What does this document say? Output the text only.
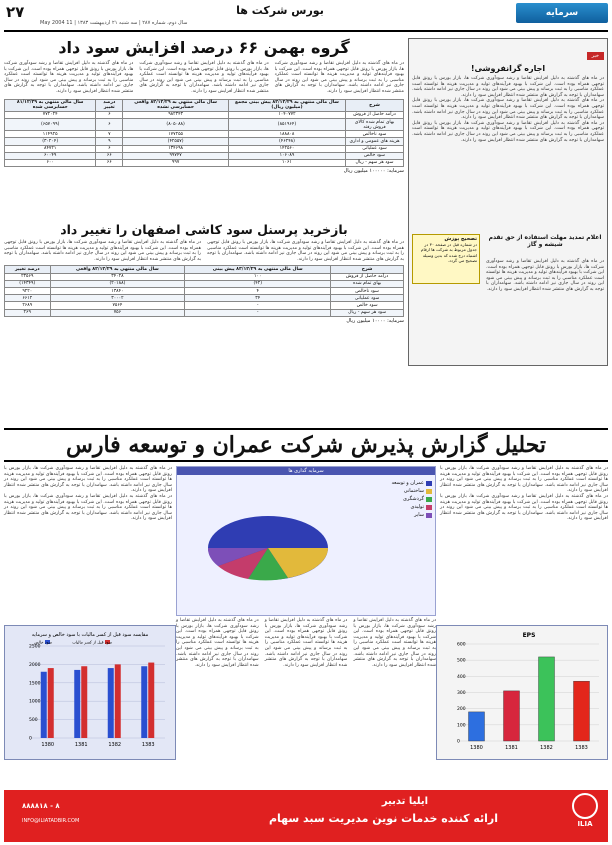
سرمايه
بورس شركت ها
۲۷
سال دوم، شماره ۲۸۷ | سه شنبه ۲۱ ارديبهشت ۱۳۸۳ | 11 May 2004
خبر
اجاره گرانفروشی!

در ماه های گذشته به دلیل افزایش تقاضا و رشد سودآوری شرکت ها، بازار بورس با رونق قابل توجهی همراه بوده است. این شرکت با بهبود فرآیندهای تولید و مدیریت هزینه ها توانسته است عملکرد مناسبی را به ثبت برساند و پیش بینی می شود این روند در سال جاری نیز ادامه داشته باشد. سهامداران با توجه به گزارش های منتشر شده انتظار افزایش سود را دارند.

در ماه های گذشته به دلیل افزایش تقاضا و رشد سودآوری شرکت ها، بازار بورس با رونق قابل توجهی همراه بوده است. این شرکت با بهبود فرآیندهای تولید و مدیریت هزینه ها توانسته است عملکرد مناسبی را به ثبت برساند و پیش بینی می شود این روند در سال جاری نیز ادامه داشته باشد. سهامداران با توجه به گزارش های منتشر شده انتظار افزایش سود را دارند.

در ماه های گذشته به دلیل افزایش تقاضا و رشد سودآوری شرکت ها، بازار بورس با رونق قابل توجهی همراه بوده است. این شرکت با بهبود فرآیندهای تولید و مدیریت هزینه ها توانسته است عملکرد مناسبی را به ثبت برساند و پیش بینی می شود این روند در سال جاری نیز ادامه داشته باشد. سهامداران با توجه به گزارش های منتشر شده انتظار افزایش سود را دارند.

تصحيح پوزش
در شماره قبل در صفحه ۳۰ در جدول مربوط به شركت ها ارقام اشتباه درج شده كه بدين وسيله تصحيح مي گردد.
اعلام تمدید مهلت استفاده از حق تقدم شیشه و گاز

در ماه های گذشته به دلیل افزایش تقاضا و رشد سودآوری شرکت ها، بازار بورس با رونق قابل توجهی همراه بوده است. این شرکت با بهبود فرآیندهای تولید و مدیریت هزینه ها توانسته است عملکرد مناسبی را به ثبت برساند و پیش بینی می شود این روند در سال جاری نیز ادامه داشته باشد. سهامداران با توجه به گزارش های منتشر شده انتظار افزایش سود را دارند.

گروه بهمن ۶۶ درصد افزایش سود داد

در ماه های گذشته به دلیل افزایش تقاضا و رشد سودآوری شرکت ها، بازار بورس با رونق قابل توجهی همراه بوده است. این شرکت با بهبود فرآیندهای تولید و مدیریت هزینه ها توانسته است عملکرد مناسبی را به ثبت برساند و پیش بینی می شود این روند در سال جاری نیز ادامه داشته باشد. سهامداران با توجه به گزارش های منتشر شده انتظار افزایش سود را دارند.

در ماه های گذشته به دلیل افزایش تقاضا و رشد سودآوری شرکت ها، بازار بورس با رونق قابل توجهی همراه بوده است. این شرکت با بهبود فرآیندهای تولید و مدیریت هزینه ها توانسته است عملکرد مناسبی را به ثبت برساند و پیش بینی می شود این روند در سال جاری نیز ادامه داشته باشد. سهامداران با توجه به گزارش های منتشر شده انتظار افزایش سود را دارند.

در ماه های گذشته به دلیل افزایش تقاضا و رشد سودآوری شرکت ها، بازار بورس با رونق قابل توجهی همراه بوده است. این شرکت با بهبود فرآیندهای تولید و مدیریت هزینه ها توانسته است عملکرد مناسبی را به ثبت برساند و پیش بینی می شود این روند در سال جاری نیز ادامه داشته باشد. سهامداران با توجه به گزارش های منتشر شده انتظار افزایش سود را دارند.

شرح	سال مالی منتهی به ۸۲/۱۲/۲۹ پیش بینی مجمع (میلیون ریال)	سال مالی منتهی به ۸۲/۱۲/۲۹ واقعی حسابرسی نشده	درصد تغییر	سال مالی منتهی به ۸۱/۱۲/۲۹ حسابرسی شده
درآمد حاصل از فروش	۱۰۴۰۷۷۲	۹۸۲۳۴۳	۶	۷۷۲۰۲۴
بهای تمام شده کالای فروش رفته	(۸۵۱۹۶۴)	(۸۰۵۰۸۸)	۶	(۶۵۷۰۹۹)
سود ناخالص	۱۸۸۸۰۸	۱۷۷۲۵۵	۷	۱۱۴۹۲۵
هزینه های عمومی و اداری	(۴۶۲۴۸)	(۴۲۵۵۷)	۹	(۳۰۲۰۴)
سود عملیاتی	۱۴۲۵۶۰	۱۳۴۶۹۸	۶	۸۴۷۲۱
سود خالص	۱۰۶۰۸۹	۹۹۷۴۷	۶۶	۶۰۰۴۹
سود هر سهم - ریال	۱۰۶۱	۹۹۷	۶۶	۶۰۰
سرمایه: ۱۰۰۰۰۰ میلیون ریال
بازخرید پرسنل سود کاشی اصفهان را تغییر داد

در ماه های گذشته به دلیل افزایش تقاضا و رشد سودآوری شرکت ها، بازار بورس با رونق قابل توجهی همراه بوده است. این شرکت با بهبود فرآیندهای تولید و مدیریت هزینه ها توانسته است عملکرد مناسبی را به ثبت برساند و پیش بینی می شود این روند در سال جاری نیز ادامه داشته باشد. سهامداران با توجه به گزارش های منتشر شده انتظار افزایش سود را دارند.

در ماه های گذشته به دلیل افزایش تقاضا و رشد سودآوری شرکت ها، بازار بورس با رونق قابل توجهی همراه بوده است. این شرکت با بهبود فرآیندهای تولید و مدیریت هزینه ها توانسته است عملکرد مناسبی را به ثبت برساند و پیش بینی می شود این روند در سال جاری نیز ادامه داشته باشد. سهامداران با توجه به گزارش های منتشر شده انتظار افزایش سود را دارند.

شرح	سال مالی منتهی به ۸۳/۱۲/۲۹ پیش بینی	سال مالی منتهی به ۸۲/۱۲/۲۹ واقعی	درصد تغییر
درآمد حاصل از فروش	۱۰۰	۳۴۰۲۸	۲۳۵۶۹
بهای تمام شده	(۴۲)	(۲۰۱۸۸)	(۱۴۳۴۹)
سود ناخالص	۴	۱۳۸۴۰	۹۲۲۰
سود عملیاتی	۳۴	۳۰۰۰۲	۶۶۱۲
سود خالص	-	۷۵۶۴	۲۶۸۹
سود هر سهم - ریال	-	۷۵۶	۲۶۹
سرمایه: ۱۰۰۰۰ میلیون ریال
تحلیل گزارش پذیرش شرکت عمران و توسعه فارس

در ماه های گذشته به دلیل افزایش تقاضا و رشد سودآوری شرکت ها، بازار بورس با رونق قابل توجهی همراه بوده است. این شرکت با بهبود فرآیندهای تولید و مدیریت هزینه ها توانسته است عملکرد مناسبی را به ثبت برساند و پیش بینی می شود این روند در سال جاری نیز ادامه داشته باشد. سهامداران با توجه به گزارش های منتشر شده انتظار افزایش سود را دارند.

در ماه های گذشته به دلیل افزایش تقاضا و رشد سودآوری شرکت ها، بازار بورس با رونق قابل توجهی همراه بوده است. این شرکت با بهبود فرآیندهای تولید و مدیریت هزینه ها توانسته است عملکرد مناسبی را به ثبت برساند و پیش بینی می شود این روند در سال جاری نیز ادامه داشته باشد. سهامداران با توجه به گزارش های منتشر شده انتظار افزایش سود را دارند.

در ماه های گذشته به دلیل افزایش تقاضا و رشد سودآوری شرکت ها، بازار بورس با رونق قابل توجهی همراه بوده است. این شرکت با بهبود فرآیندهای تولید و مدیریت هزینه ها توانسته است عملکرد مناسبی را به ثبت برساند و پیش بینی می شود این روند در سال جاری نیز ادامه داشته باشد. سهامداران با توجه به گزارش های منتشر شده انتظار افزایش سود را دارند.

در ماه های گذشته به دلیل افزایش تقاضا و رشد سودآوری شرکت ها، بازار بورس با رونق قابل توجهی همراه بوده است. این شرکت با بهبود فرآیندهای تولید و مدیریت هزینه ها توانسته است عملکرد مناسبی را به ثبت برساند و پیش بینی می شود این روند در سال جاری نیز ادامه داشته باشد. سهامداران با توجه به گزارش های منتشر شده انتظار افزایش سود را دارند.

سرمایه گذاری ها
عمران و توسعه
ساختمانی
گردشگری
تولیدی
سایر

در ماه های گذشته به دلیل افزایش تقاضا و رشد سودآوری شرکت ها، بازار بورس با رونق قابل توجهی همراه بوده است. این شرکت با بهبود فرآیندهای تولید و مدیریت هزینه ها توانسته است عملکرد مناسبی را به ثبت برساند و پیش بینی می شود این روند در سال جاری نیز ادامه داشته باشد. سهامداران با توجه به گزارش های منتشر شده انتظار افزایش سود را دارند.

در ماه های گذشته به دلیل افزایش تقاضا و رشد سودآوری شرکت ها، بازار بورس با رونق قابل توجهی همراه بوده است. این شرکت با بهبود فرآیندهای تولید و مدیریت هزینه ها توانسته است عملکرد مناسبی را به ثبت برساند و پیش بینی می شود این روند در سال جاری نیز ادامه داشته باشد. سهامداران با توجه به گزارش های منتشر شده انتظار افزایش سود را دارند.

در ماه های گذشته به دلیل افزایش تقاضا و رشد سودآوری شرکت ها، بازار بورس با رونق قابل توجهی همراه بوده است. این شرکت با بهبود فرآیندهای تولید و مدیریت هزینه ها توانسته است عملکرد مناسبی را به ثبت برساند و پیش بینی می شود این روند در سال جاری نیز ادامه داشته باشد. سهامداران با توجه به گزارش های منتشر شده انتظار افزایش سود را دارند.

مقایسه سود قبل از کسر مالیات با سود خالص و سرمایه
0
500
1000
1500
2000
2500
1380	1381	1382	1383
سود خالص	سود قبل از کسر مالیات
EPS
0
100
200
300
400
500
600
1380	1381	1382	1383
ILIA
ایلیا تدبیر
ارائه کننده خدمات نوین مدیریت سبد سهام
۸۸۸۸۱۸ - ۸
INFO@ILIATADBIR.COM
